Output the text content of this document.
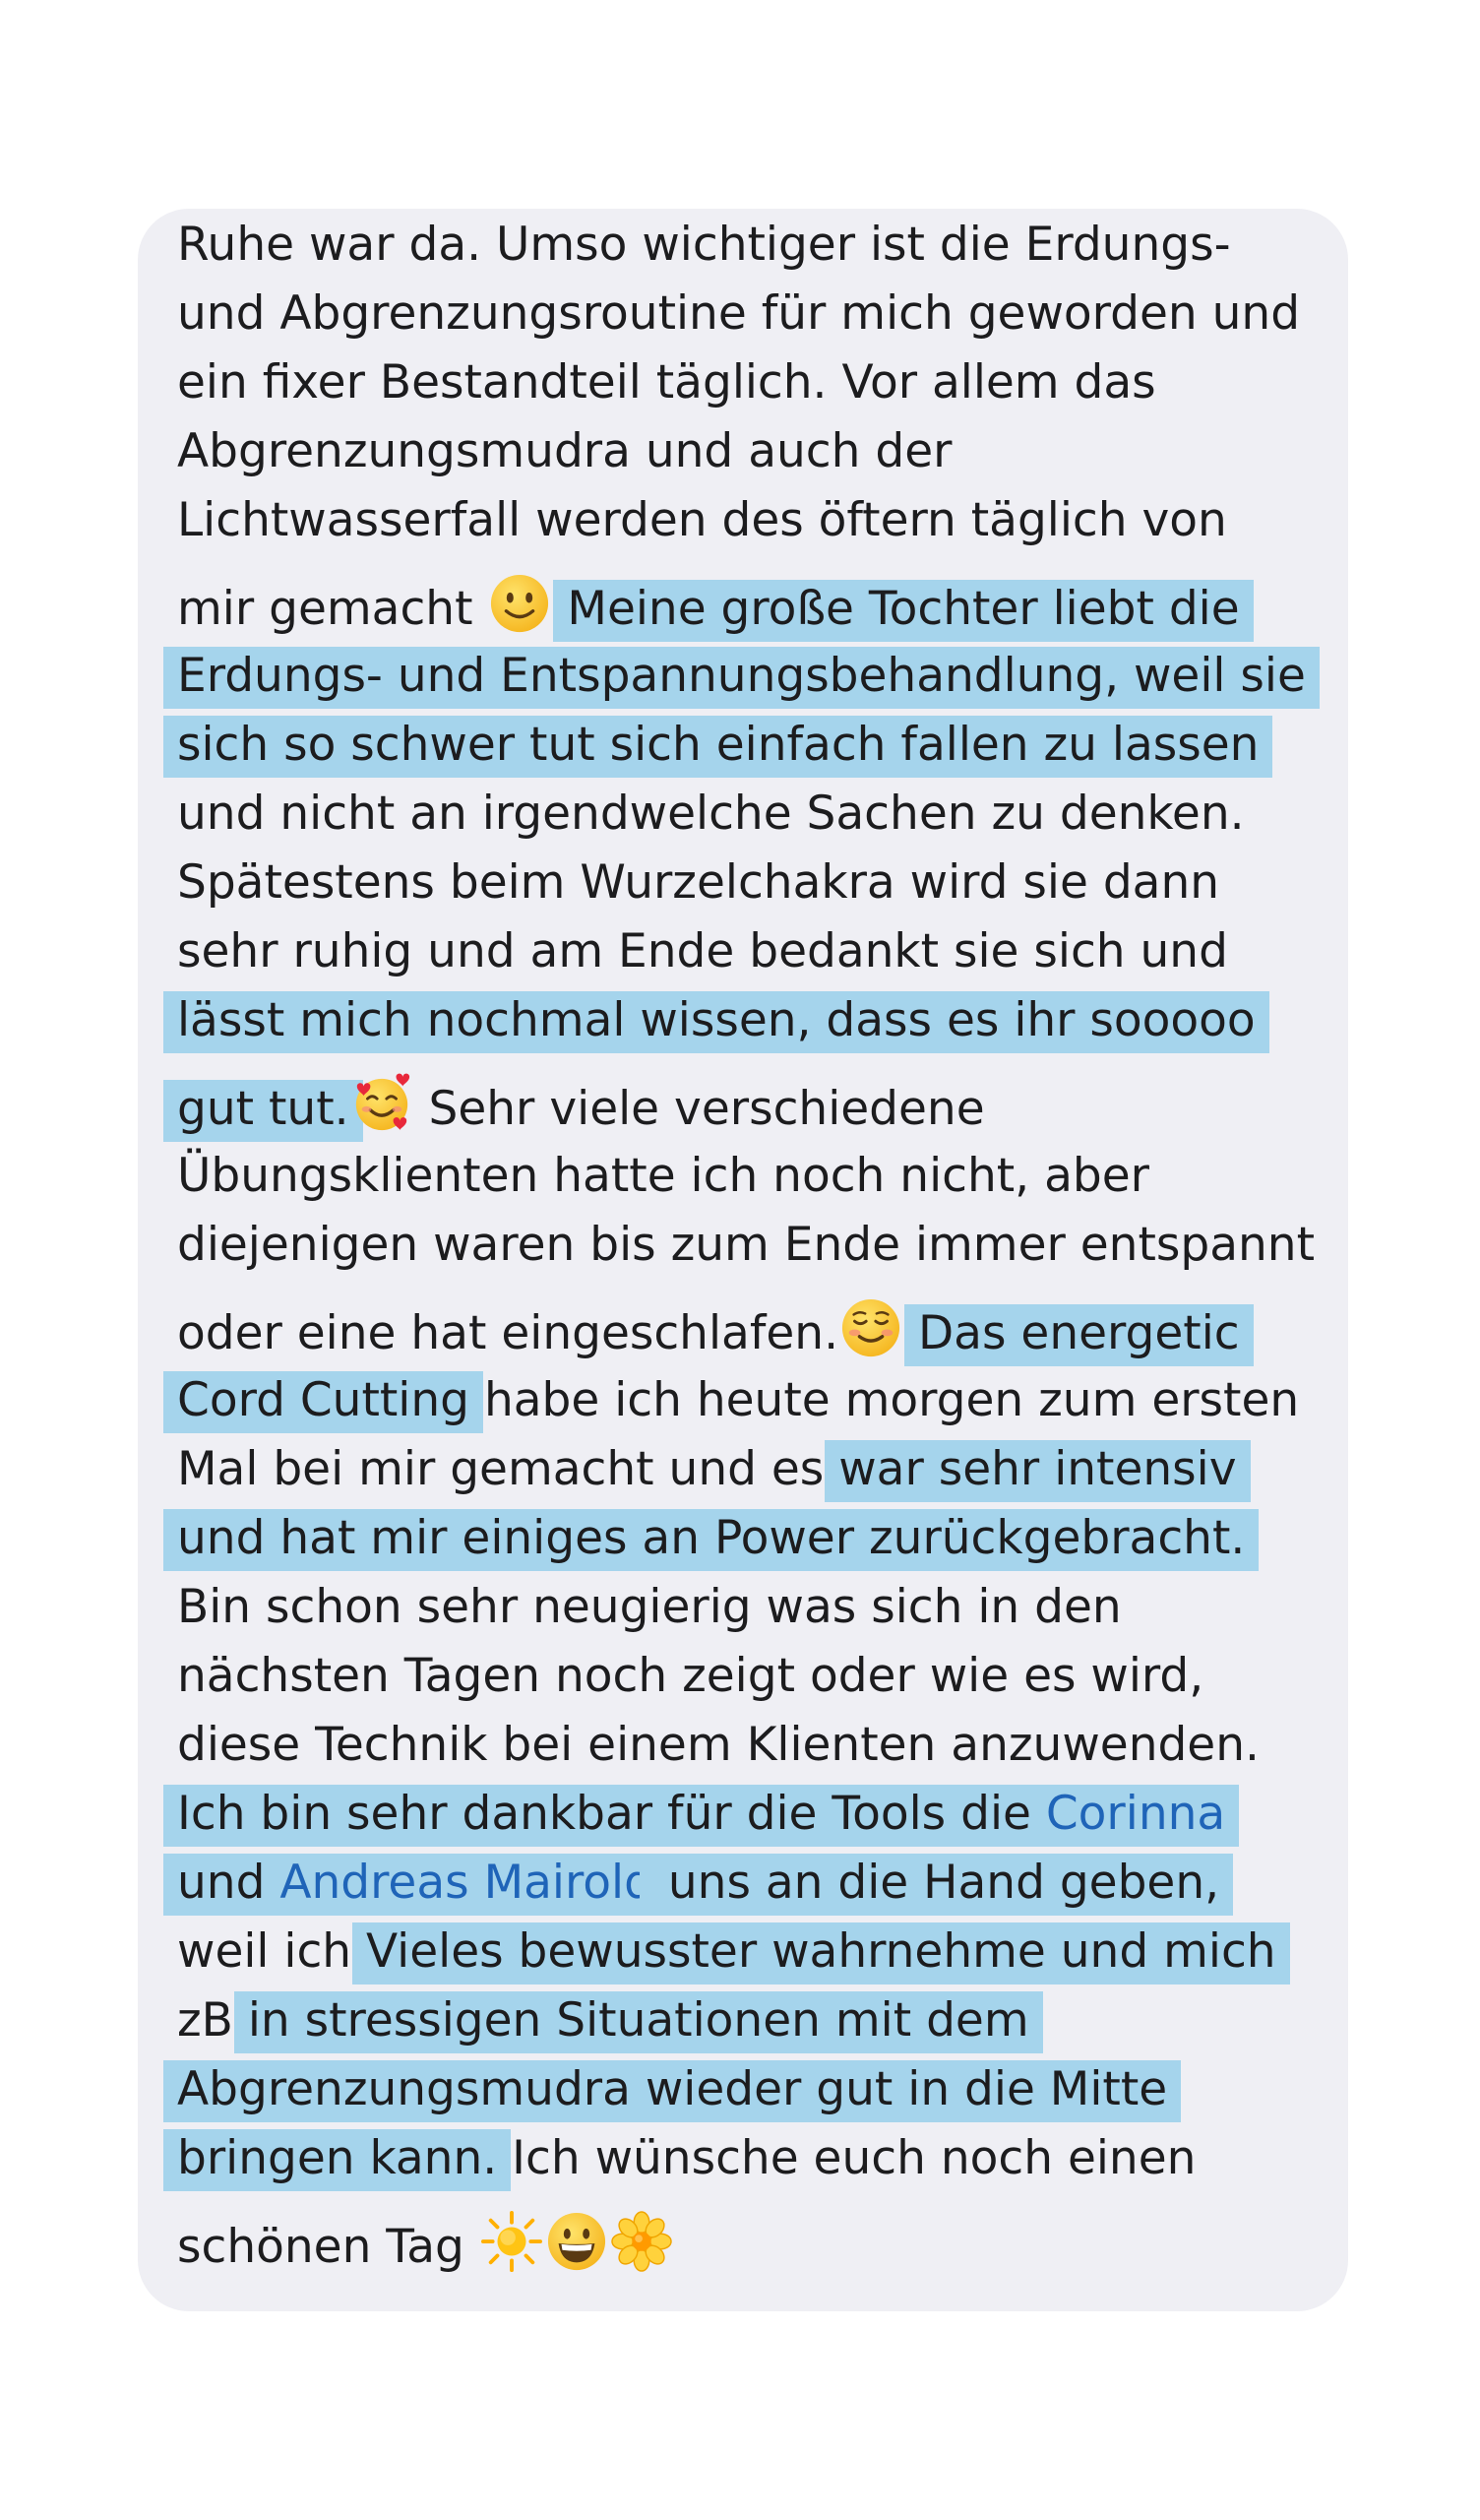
Ruhe war da. Umso wichtiger ist die Erdungs-
und Abgrenzungsroutine für mich geworden und
ein fixer Bestandteil täglich. Vor allem das
Abgrenzungsmudra und auch der
Lichtwasserfall werden des öftern täglich von
mir gemacht  Meine große Tochter liebt die
Erdungs- und Entspannungsbehandlung, weil sie
sich so schwer tut sich einfach fallen zu lassen
und nicht an irgendwelche Sachen zu denken.
Spätestens beim Wurzelchakra wird sie dann
sehr ruhig und am Ende bedankt sie sich und
lässt mich nochmal wissen, dass es ihr sooooo
gut tut. Sehr viele verschiedene
Übungsklienten hatte ich noch nicht, aber
diejenigen waren bis zum Ende immer entspannt
oder eine hat eingeschlafen. Das energetic
Cord Cutting habe ich heute morgen zum ersten
Mal bei mir gemacht und es war sehr intensiv
und hat mir einiges an Power zurückgebracht.
Bin schon sehr neugierig was sich in den
nächsten Tagen noch zeigt oder wie es wird,
diese Technik bei einem Klienten anzuwenden.
Ich bin sehr dankbar für die Tools die Corinna
und Andreas Mairold uns an die Hand geben,
weil ich Vieles bewusster wahrnehme und mich
zB in stressigen Situationen mit dem
Abgrenzungsmudra wieder gut in die Mitte
bringen kann. Ich wünsche euch noch einen
schönen Tag
